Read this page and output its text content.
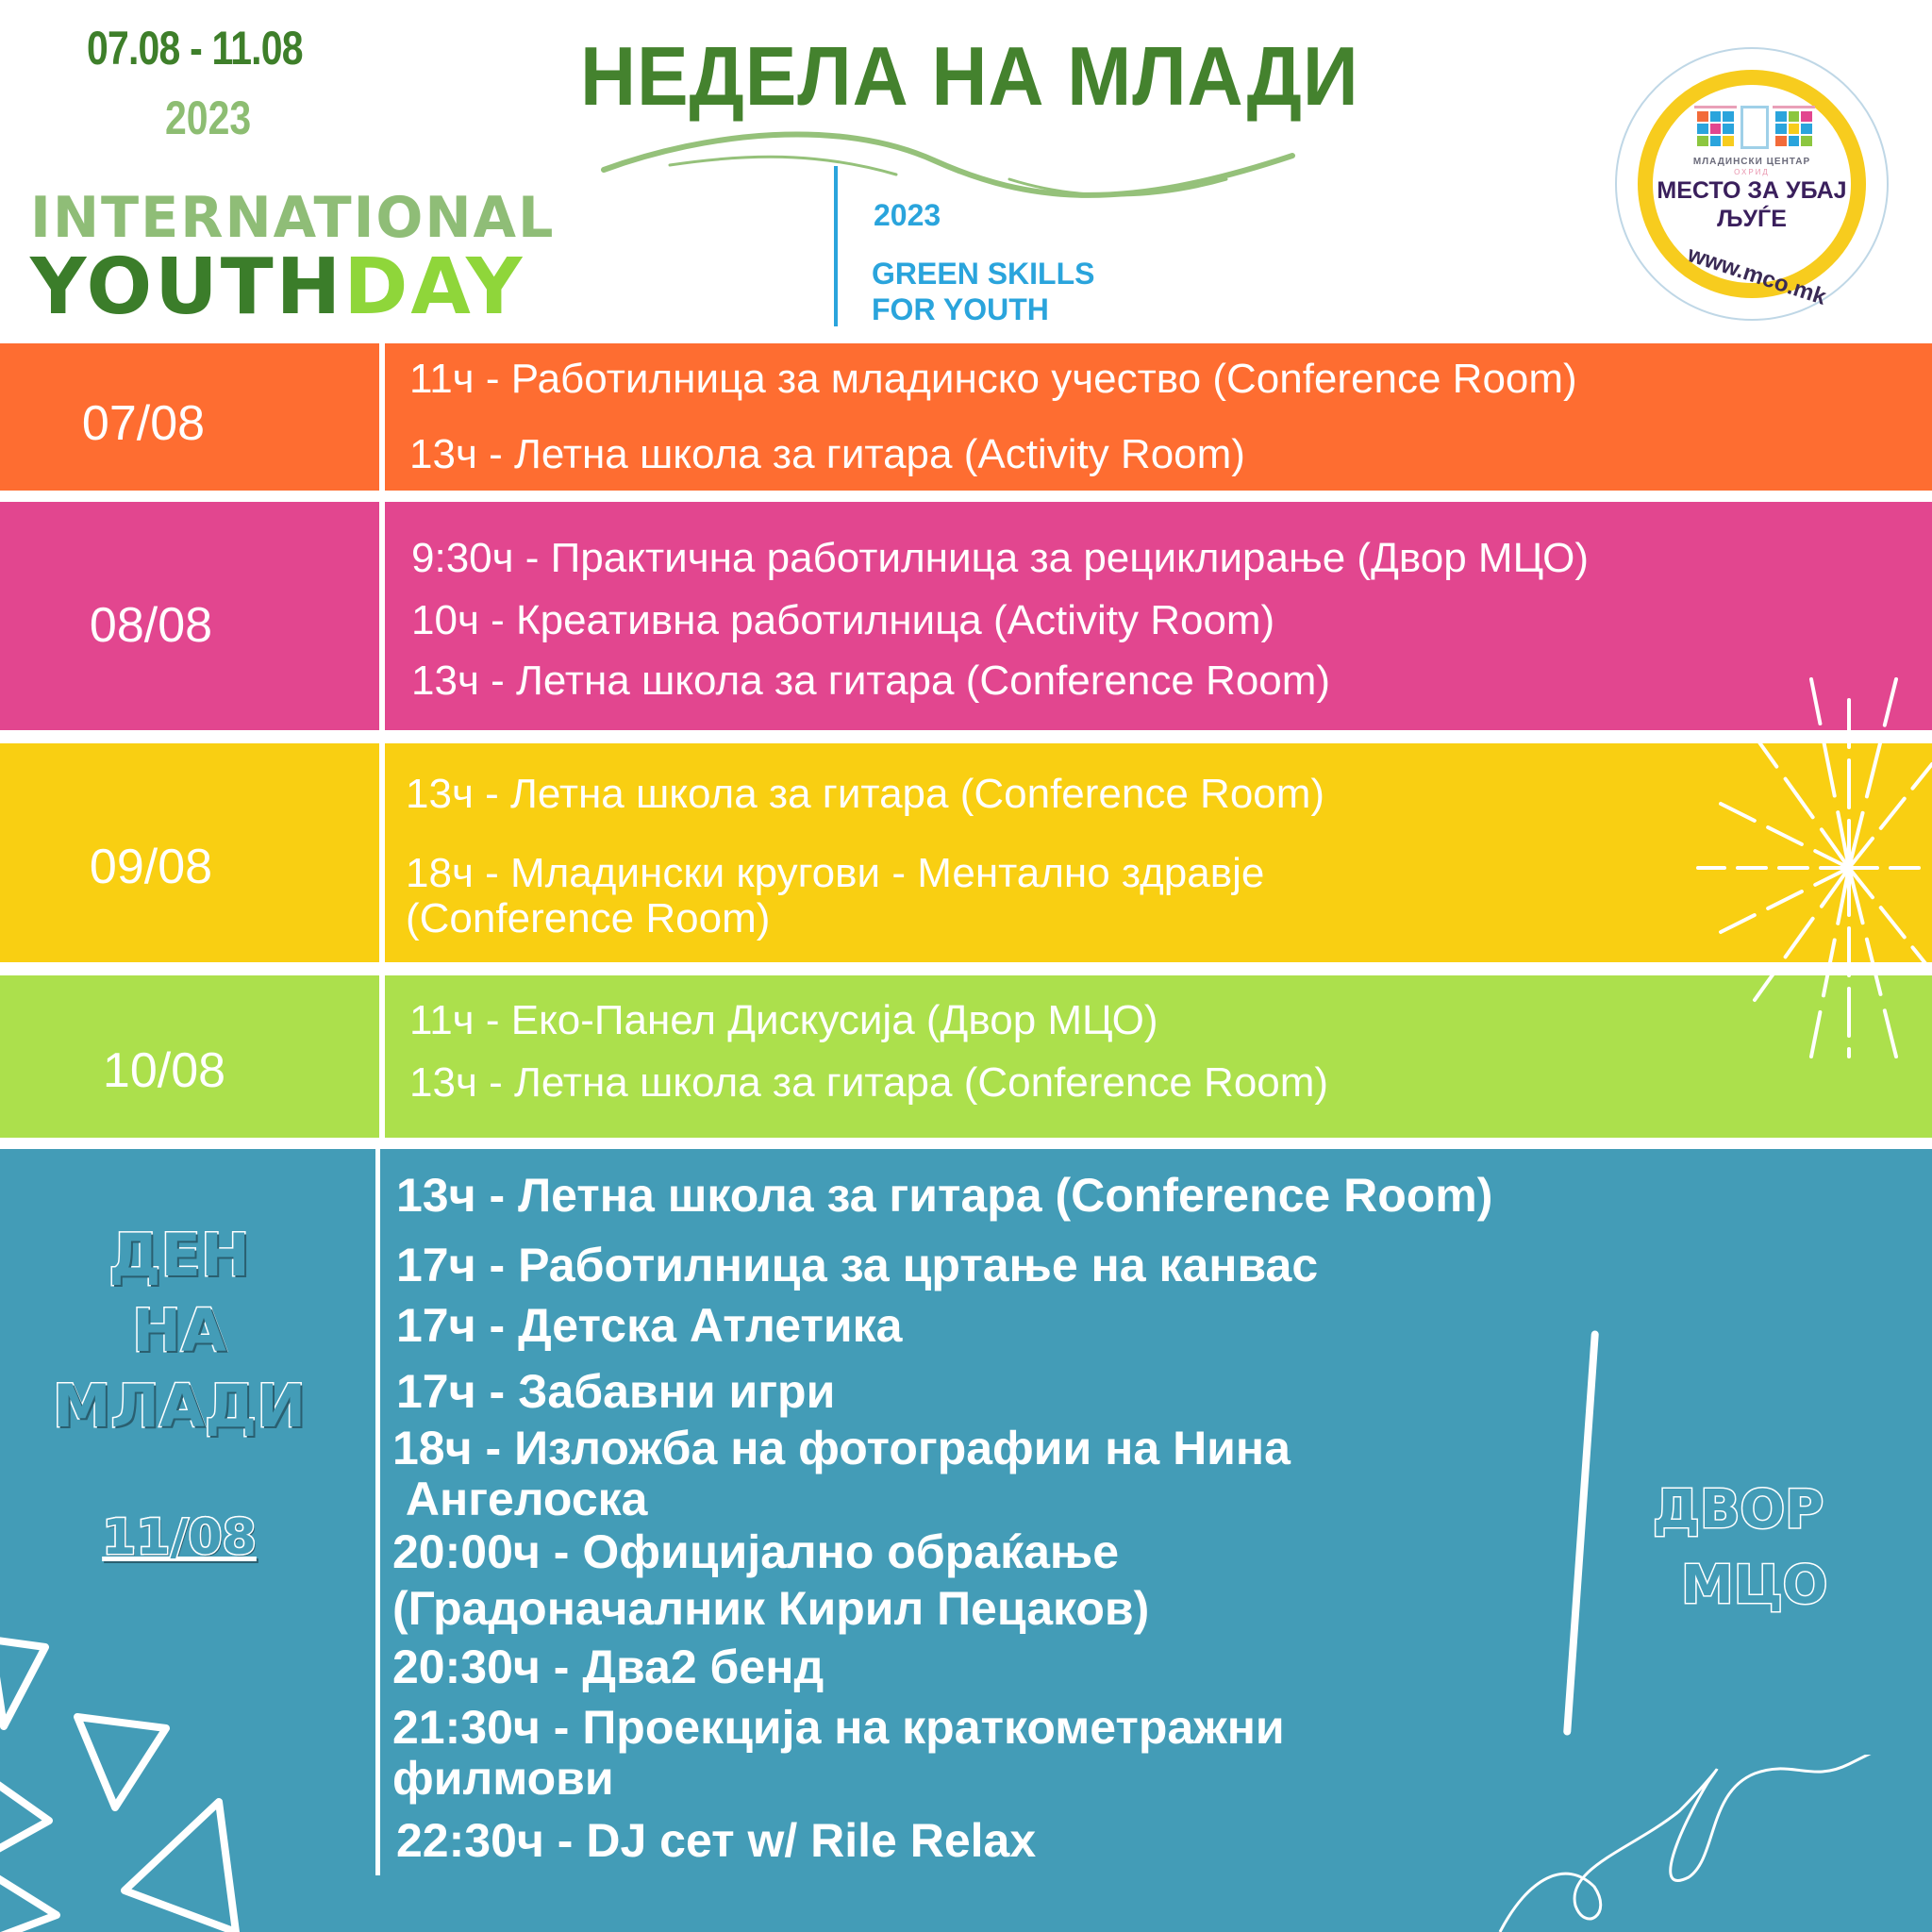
07.08 - 11.08
2023
INTERNATIONAL
YOUTHDAY
НЕДЕЛА НА МЛАДИ
2023
GREEN SKILLS
FOR YOUTH
МЛАДИНСКИ ЦЕНТАР
ОХРИД
МЕСТО ЗА УБАЈ
ЉУЃЕ
www.mco.mk
07/08
11ч - Работилница за младинско учество (Conference Room)
13ч - Летна школа за гитара (Activity Room)
08/08
9:30ч - Практична работилница за рециклирање (Двор МЦО)
10ч - Креативна работилница (Activity Room)
13ч - Летна школа за гитара (Conference Room)
09/08
13ч - Летна школа за гитара (Conference Room)
18ч - Младински кругови - Ментално здравје
(Conference Room)
10/08
11ч - Еко-Панел Дискусија (Двор МЦО)
13ч - Летна школа за гитара (Conference Room)
ДЕН
НА
МЛАДИ
11/08
13ч - Летна школа за гитара (Conference Room)
17ч - Работилница за цртање на канвас
17ч - Детска Атлетика
17ч - Забавни игри
18ч - Изложба на фотографии на Нина
Ангелоска
20:00ч - Официјално обраќање
(Градоначалник Кирил Пецаков)
20:30ч - Два2 бенд
21:30ч - Проекција на краткометражни
филмови
22:30ч - DJ сет w/ Rile Relax
ДВОР
МЦО
